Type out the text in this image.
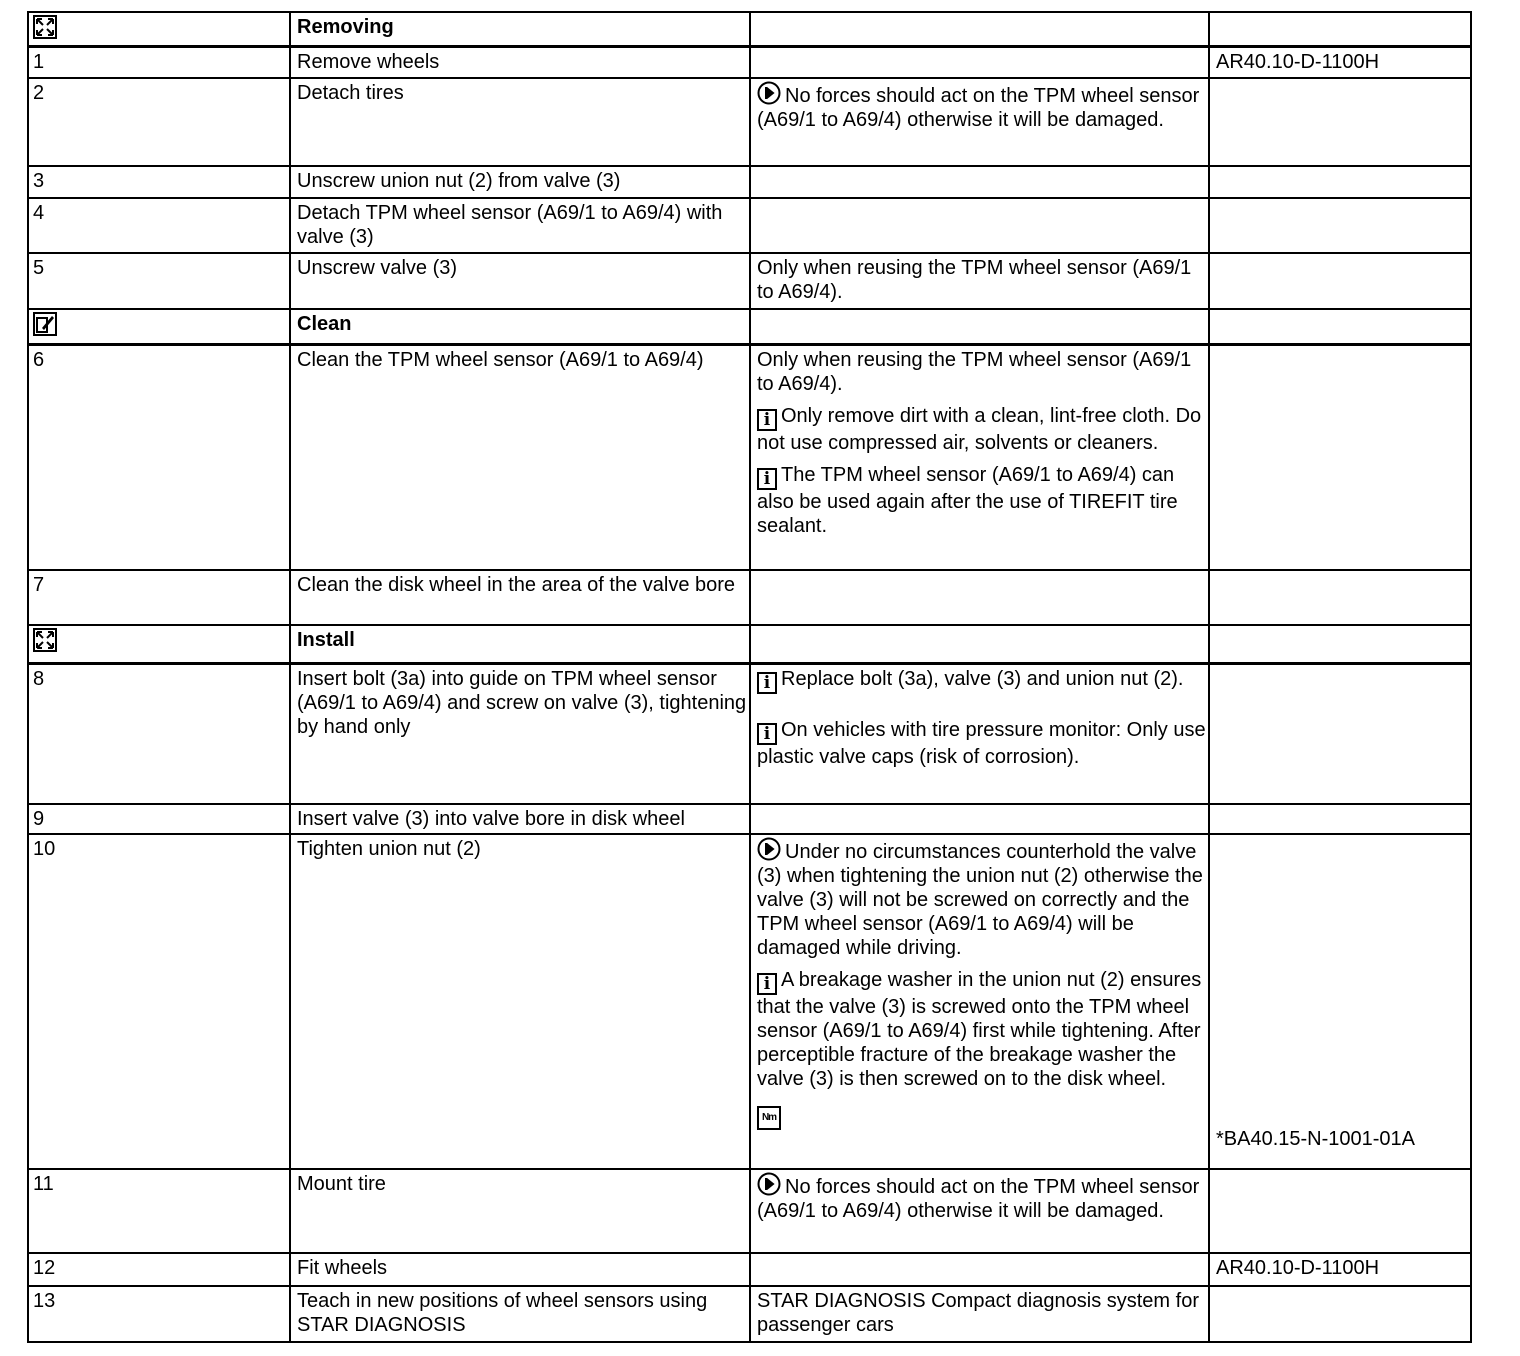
	Removing		
1	Remove wheels		AR40.10-D-1100H
2	Detach tires	No forces should act on the TPM wheel sensor (A69/1 to A69/4) otherwise it will be damaged.	

3	Unscrew union nut (2) from valve (3)		
4	Detach TPM wheel sensor (A69/1 to A69/4) with valve (3)		
5	Unscrew valve (3)	Only when reusing the TPM wheel sensor (A69/1 to A69/4).	
	Clean		
6	Clean the TPM wheel sensor (A69/1 to A69/4)	Only when reusing the TPM wheel sensor (A69/1 to A69/4).
i Only remove dirt with a clean, lint-free cloth. Do not use compressed air, solvents or cleaners.
i The TPM wheel sensor (A69/1 to A69/4) can also be used again after the use of TIREFIT tire sealant.	

7	Clean the disk wheel in the area of the valve bore		
	Install		
8	Insert bolt (3a) into guide on TPM wheel sensor (A69/1 to A69/4) and screw on valve (3), tightening by hand only	i Replace bolt (3a), valve (3) and union nut (2).
i On vehicles with tire pressure monitor: Only use plastic valve caps (risk of corrosion).	

9	Insert valve (3) into valve bore in disk wheel		
10	Tighten union nut (2)	Under no circumstances counterhold the valve (3) when tightening the union nut (2) otherwise the valve (3) will not be screwed on correctly and the TPM wheel sensor (A69/1 to A69/4) will be damaged while driving.
i A breakage washer in the union nut (2) ensures that the valve (3) is screwed onto the TPM wheel sensor (A69/1 to A69/4) first while tightening. After perceptible fracture of the breakage washer the valve (3) is then screwed on to the disk wheel.
Nm	*BA40.15-N-1001-01A

11	Mount tire	No forces should act on the TPM wheel sensor (A69/1 to A69/4) otherwise it will be damaged.	

12	Fit wheels		AR40.10-D-1100H
13	Teach in new positions of wheel sensors using STAR DIAGNOSIS	STAR DIAGNOSIS Compact diagnosis system for passenger cars	
